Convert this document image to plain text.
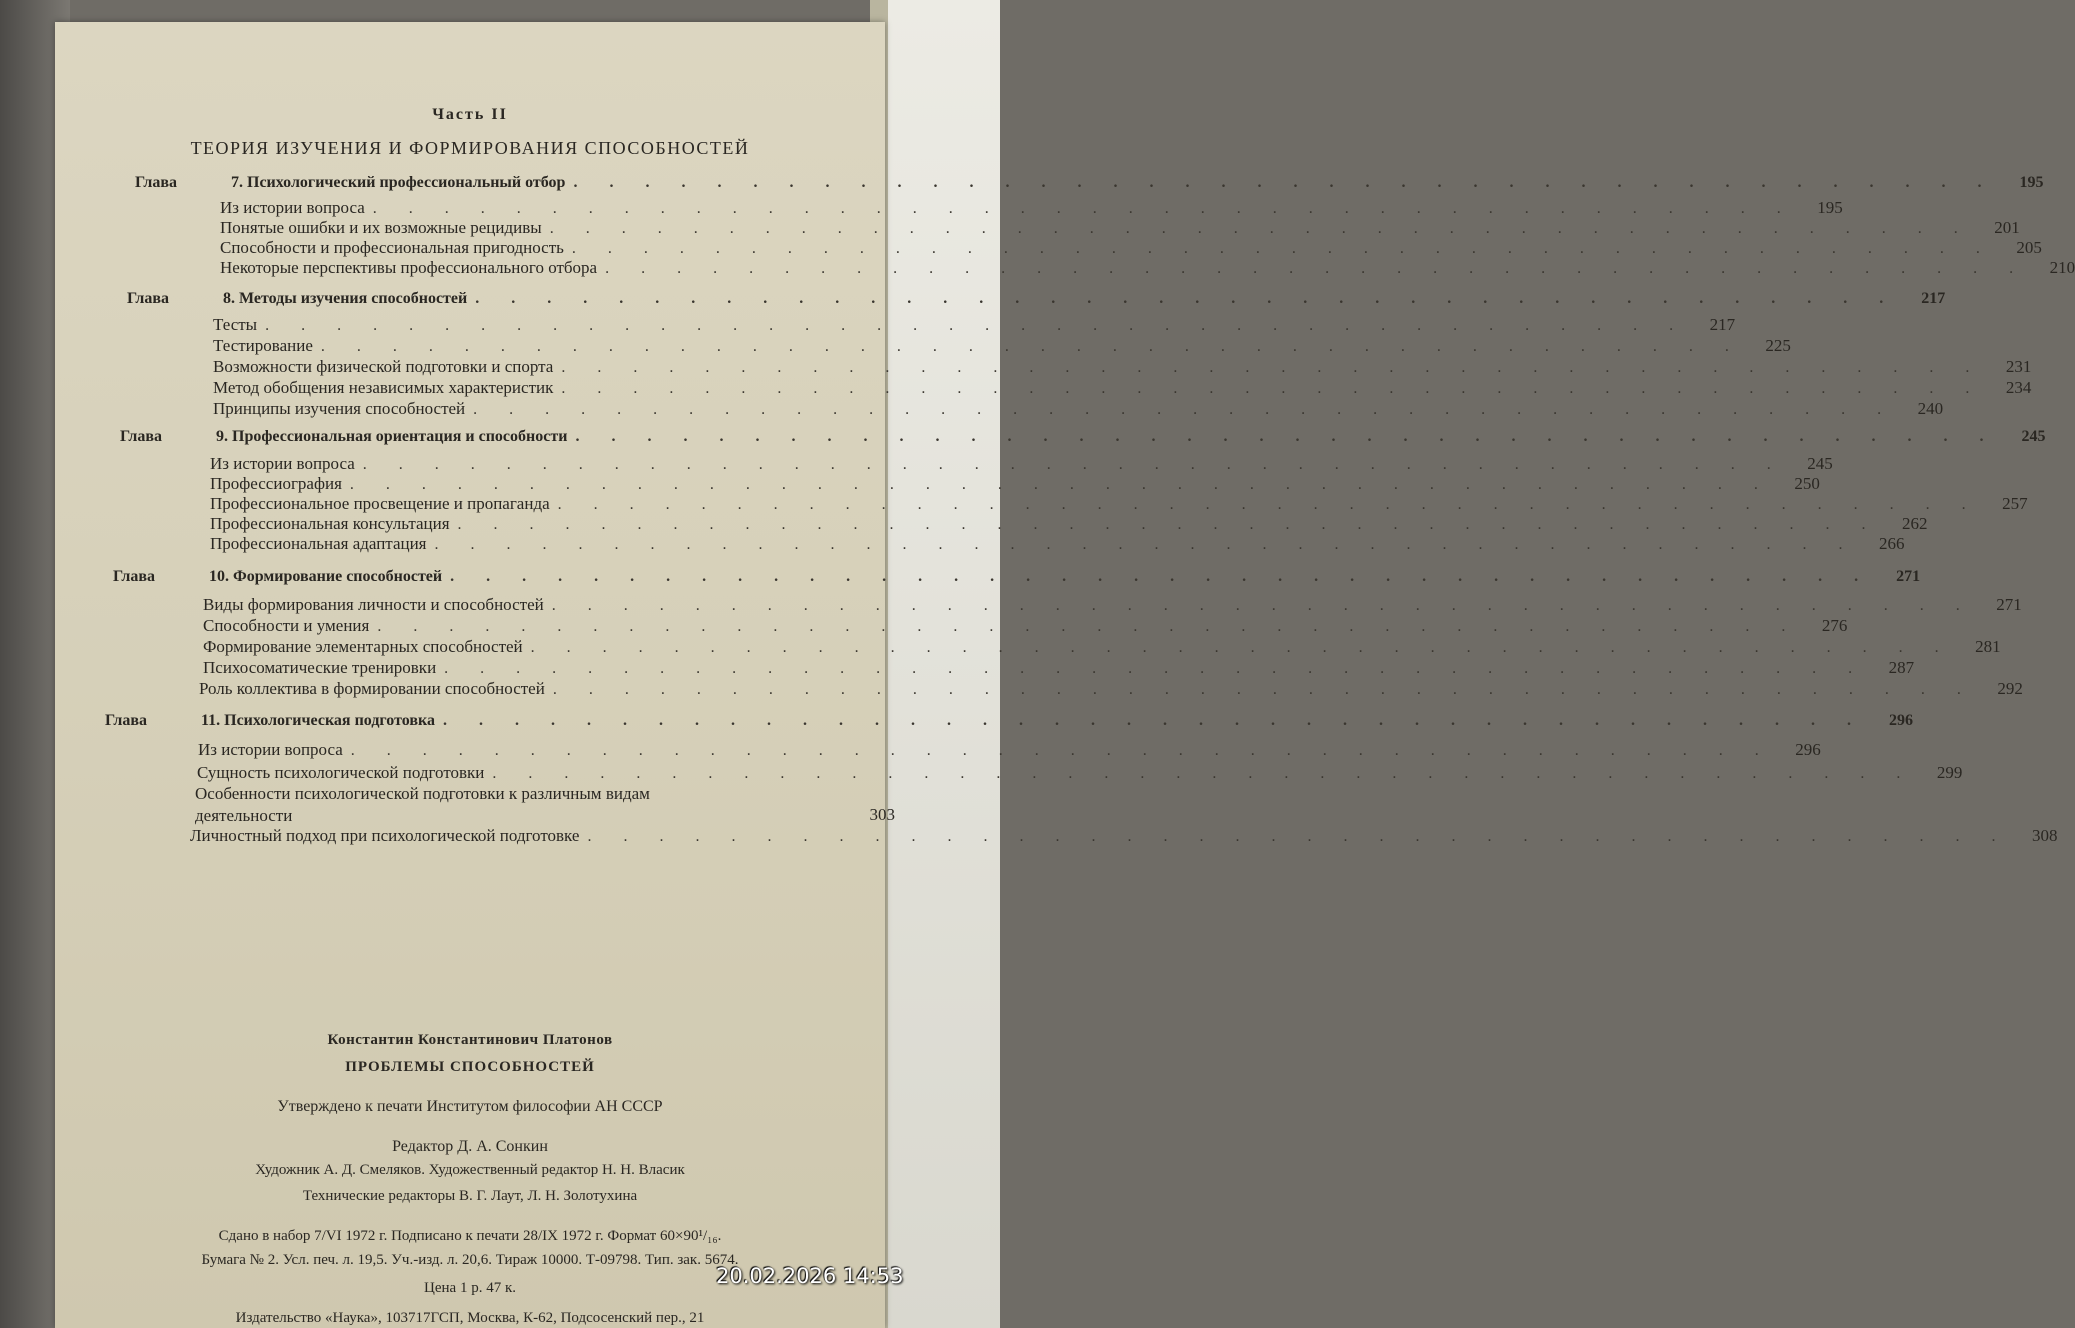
Часть II
ТЕОРИЯ ИЗУЧЕНИЯ И ФОРМИРОВАНИЯ СПОСОБНОСТЕЙ
Глава	7. Психологический профессиональный отбор . . . . . . . . . . . . . . . . . . . . . . . . . . . . . . . . . . . . . . . .	195
Из истории вопроса . . . . . . . . . . . . . . . . . . . . . . . . . . . . . . . . . . . . . . . .	195
Понятые ошибки и их возможные рецидивы . . . . . . . . . . . . . . . . . . . . . . . . . . . . . . . . . . . . . . . .	201
Способности и профессиональная пригодность . . . . . . . . . . . . . . . . . . . . . . . . . . . . . . . . . . . . . . . .	205
Некоторые перспективы профессионального отбора . . . . . . . . . . . . . . . . . . . . . . . . . . . . . . . . . . . . . . . .	210
Глава	8. Методы изучения способностей . . . . . . . . . . . . . . . . . . . . . . . . . . . . . . . . . . . . . . . .	217
Тесты . . . . . . . . . . . . . . . . . . . . . . . . . . . . . . . . . . . . . . . .	217
Тестирование . . . . . . . . . . . . . . . . . . . . . . . . . . . . . . . . . . . . . . . .	225
Возможности физической подготовки и спорта . . . . . . . . . . . . . . . . . . . . . . . . . . . . . . . . . . . . . . . .	231
Метод обобщения независимых характеристик . . . . . . . . . . . . . . . . . . . . . . . . . . . . . . . . . . . . . . . .	234
Принципы изучения способностей . . . . . . . . . . . . . . . . . . . . . . . . . . . . . . . . . . . . . . . .	240
Глава	9. Профессиональная ориентация и способности . . . . . . . . . . . . . . . . . . . . . . . . . . . . . . . . . . . . . . . .	245
Из истории вопроса . . . . . . . . . . . . . . . . . . . . . . . . . . . . . . . . . . . . . . . .	245
Профессиография . . . . . . . . . . . . . . . . . . . . . . . . . . . . . . . . . . . . . . . .	250
Профессиональное просвещение и пропаганда . . . . . . . . . . . . . . . . . . . . . . . . . . . . . . . . . . . . . . . .	257
Профессиональная консультация . . . . . . . . . . . . . . . . . . . . . . . . . . . . . . . . . . . . . . . .	262
Профессиональная адаптация . . . . . . . . . . . . . . . . . . . . . . . . . . . . . . . . . . . . . . . .	266
Глава	10. Формирование способностей . . . . . . . . . . . . . . . . . . . . . . . . . . . . . . . . . . . . . . . .	271
Виды формирования личности и способностей . . . . . . . . . . . . . . . . . . . . . . . . . . . . . . . . . . . . . . . .	271
Способности и умения . . . . . . . . . . . . . . . . . . . . . . . . . . . . . . . . . . . . . . . .	276
Формирование элементарных способностей . . . . . . . . . . . . . . . . . . . . . . . . . . . . . . . . . . . . . . . .	281
Психосоматические тренировки . . . . . . . . . . . . . . . . . . . . . . . . . . . . . . . . . . . . . . . .	287
Роль коллектива в формировании способностей . . . . . . . . . . . . . . . . . . . . . . . . . . . . . . . . . . . . . . . .	292
Глава	11. Психологическая подготовка . . . . . . . . . . . . . . . . . . . . . . . . . . . . . . . . . . . . . . . .	296
Из истории вопроса . . . . . . . . . . . . . . . . . . . . . . . . . . . . . . . . . . . . . . . .	296
Сущность психологической подготовки . . . . . . . . . . . . . . . . . . . . . . . . . . . . . . . . . . . . . . . .	299
Особенности психологической подготовки к различным видам
деятельности	303
Личностный подход при психологической подготовке . . . . . . . . . . . . . . . . . . . . . . . . . . . . . . . . . . . . . . . .	308
Константин Константинович Платонов
ПРОБЛЕМЫ СПОСОБНОСТЕЙ
Утверждено к печати Институтом философии АН СССР
Редактор Д. А. Сонкин
Художник А. Д. Смеляков. Художественный редактор Н. Н. Власик
Технические редакторы В. Г. Лаут, Л. Н. Золотухина
Сдано в набор 7/VI 1972 г. Подписано к печати 28/IX 1972 г. Формат 60×90¹/₁₆.
Бумага № 2. Усл. печ. л. 19,5. Уч.-изд. л. 20,6. Тираж 10000. Т-09798. Тип. зак. 5674.
Цена 1 р. 47 к.
Издательство «Наука», 103717ГСП, Москва, К-62, Подсосенский пер., 21
20.02.2026 14:53
